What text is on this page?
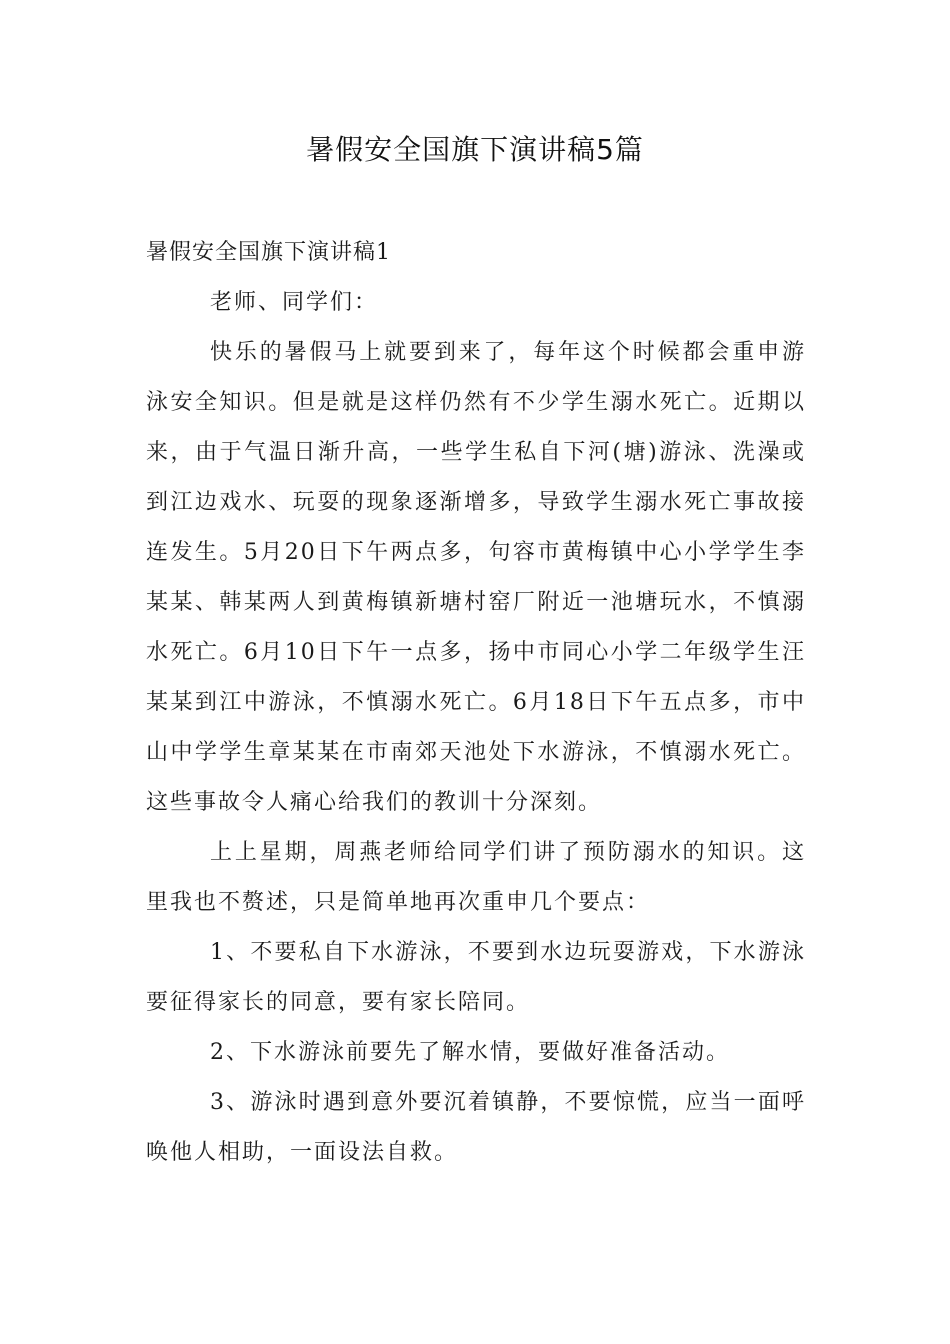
暑假安全国旗下演讲稿5篇

暑假安全国旗下演讲稿1

老师、同学们：

快乐的暑假马上就要到来了，每年这个时候都会重申游泳安全知识。但是就是这样仍然有不少学生溺水死亡。近期以来，由于气温日渐升高，一些学生私自下河(塘)游泳、洗澡或到江边戏水、玩耍的现象逐渐增多，导致学生溺水死亡事故接连发生。5月20日下午两点多，句容市黄梅镇中心小学学生李某某、韩某两人到黄梅镇新塘村窑厂附近一池塘玩水，不慎溺水死亡。6月10日下午一点多，扬中市同心小学二年级学生汪某某到江中游泳，不慎溺水死亡。6月18日下午五点多，市中山中学学生章某某在市南郊天池处下水游泳，不慎溺水死亡。这些事故令人痛心给我们的教训十分深刻。

上上星期，周燕老师给同学们讲了预防溺水的知识。这里我也不赘述，只是简单地再次重申几个要点：

1、不要私自下水游泳，不要到水边玩耍游戏，下水游泳要征得家长的同意，要有家长陪同。

2、下水游泳前要先了解水情，要做好准备活动。

3、游泳时遇到意外要沉着镇静，不要惊慌，应当一面呼唤他人相助，一面设法自救。
